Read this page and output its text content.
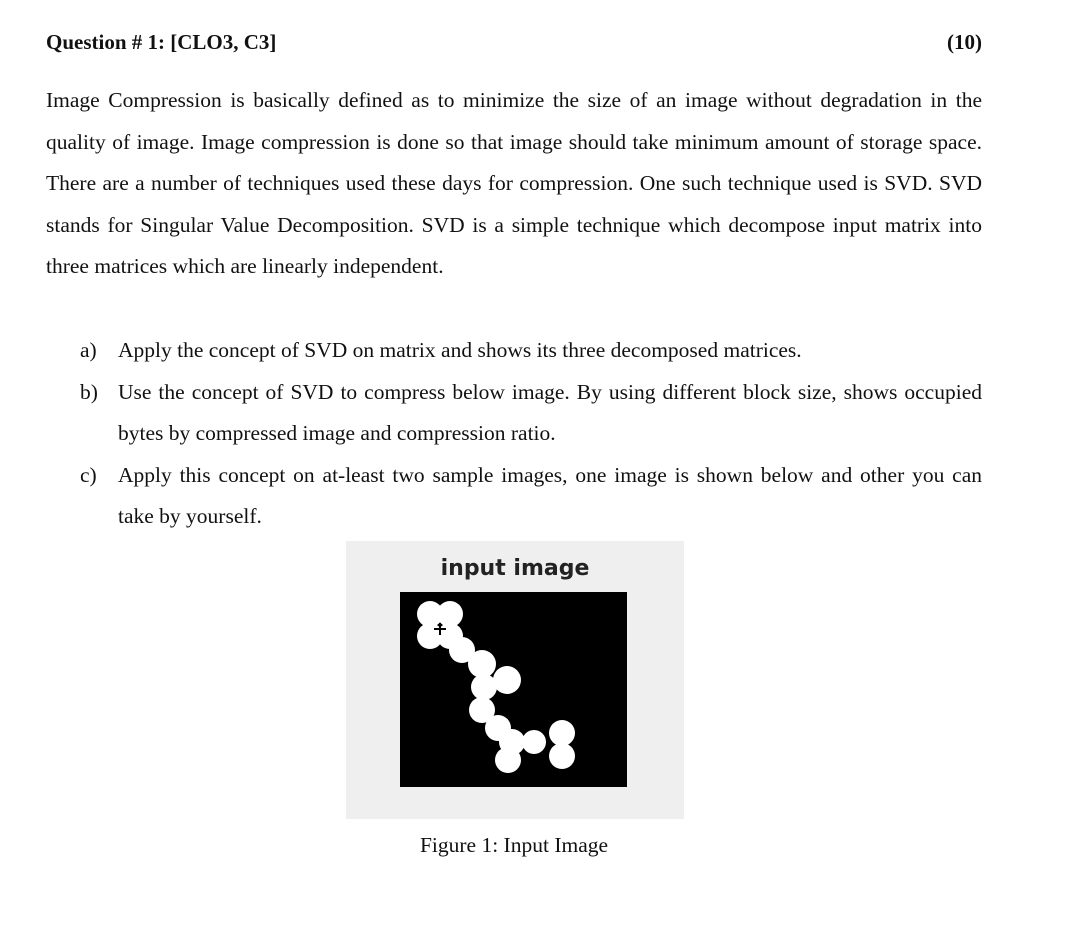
Question # 1: [CLO3, C3]	(10)

Image Compression is basically defined as to minimize the size of an image without degradation in the quality of image. Image compression is done so that image should take minimum amount of storage space. There are a number of techniques used these days for compression. One such technique used is SVD. SVD stands for Singular Value Decomposition. SVD is a simple technique which decompose input matrix into three matrices which are linearly independent.

a) Apply the concept of SVD on matrix and shows its three decomposed matrices.
b) Use the concept of SVD to compress below image. By using different block size, shows occupied bytes by compressed image and compression ratio.
c) Apply this concept on at-least two sample images, one image is shown below and other you can take by yourself.
input image
Figure 1: Input Image
